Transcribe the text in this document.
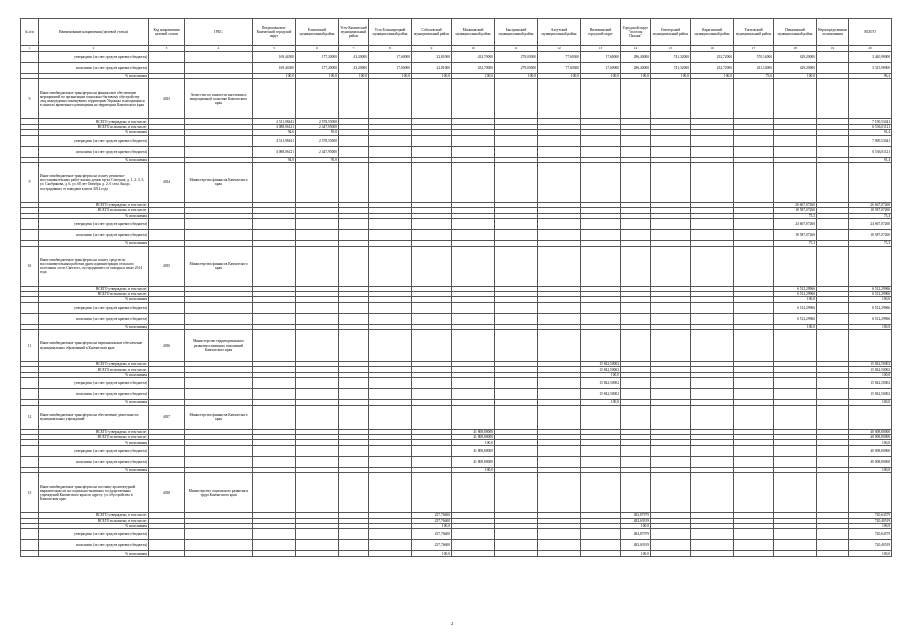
№ п/п	Наименование направления (целевой статьи)	Код направления целевой статьи	ГРБС	Петропавловск-Камчатский городской округ	Елизовский муниципальный район	Усть-Камчатский муниципальный район	Усть-Большерецкий муниципальный район	Соболевский муниципальный район	Мильковский муниципальный район	Быстринский муниципальный район	Алеутский муниципальный район	Вилючинский городской округ	Городской округ "поселок Палана"	Олюторский муниципальный район	Карагинский муниципальный район	Тигильский муниципальный район	Пенжинский муниципальный район	Нераспределенные ассигнования	ВСЕГО
1	2	3	4	5	6	7	8	9	10	11	12	13	14	15	16	17	18	19	20
	утверждено (за счет средств краевого бюджета)			169,44300	177,20000	43,20000	17,60000	22,81000	432,70000	279,03000	77,60300	17,60000	286,40000	741,32000	232,72000	570,14000	429,20000		3 440,98000
	исполнено (за счет средств краевого бюджета)			169,44300	177,20000	43,20000	17,60000	22,81000	432,70000	279,03000	77,60300	17,60000	286,40000	741,32000	232,72000	431,14000	429,20000		3 315,98000
	% исполнения			100,0	100,0	100,0	100,0	100,0	100,0	100,0	100,0	100,0	100,0	100,0	100,0	75,6	100,0		96,4
9	Иные межбюджетные трансферты на финансовое обеспечение мероприятий по организации социально-бытовому обустройству лиц, вынужденно покинувших территорию Украины и находящихся в пунктах временного размещения на территории Камчатского края	4033	Агентство по занятости населения и миграционной политике Камчатского края																
	ВСЕГО утверждено, в том числе:			4 511,98441	2 578,55000														7 190,53441
	ВСЕГО исполнено, в том числе:			4 088,06121	2 447,95000														6 536,01121
	% исполнения			94,6	95,0														91,4
	утверждено (за счет средств краевого бюджета)			4 511,98441	2 578,55000														7 090,53441
	исполнено (за счет средств краевого бюджета)			4 088,06121	2 447,95000														6 536,01121
	% исполнения			94,0	95,0														91,4
9	Иные межбюджетные трансферты на оплату ремонтно-восстановительных работ жилых домов пр-кт Степуков, д. 1, 2, 3, 5, ул. Скобрикова, д. 6, ул. 60 лет Октября, д. 2, 6 села Анадо, пострадавших от паводков в июле 2014 года	4034	Министерство финансов Камчатского края																
	ВСЕГО утверждено, в том числе:																26 667,07260		26 667,07260
	ВСЕГО исполнено, в том числе:																18 587,07260		18 587,07260
	% исполнения																75,3		75,3
	утверждено (за счет средств краевого бюджета)																24 667,07260		24 667,07260
	исполнено (за счет средств краевого бюджета)																18 587,07260		18 587,07260
	% исполнения																75,3		75,3
10	Иные межбюджетные трансферты на оплату средств по восстановительным работам драги администрации сельского поселения «село Светлое», пострадавшего от паводка в июле 2014 года	4035	Министерство финансов Камчатского края																
	ВСЕГО утверждено, в том числе:																6 512,29966		6 512,29966
	ВСЕГО исполнено, в том числе:																6 512,29966		6 512,29966
	% исполнения																100,0		100,0
	утверждено (за счет средств краевого бюджета)																6 512,29966		6 512,29966
	исполнено (за счет средств краевого бюджета)																6 512,29966		6 512,29966
	% исполнения																100,0		100,0
11	Иные межбюджетные трансферты на первоначальное обеспечение муниципальных образований в Камчатском крае	4036	Министерство территориального развития и внешних отношений Камчатского края																
	ВСЕГО утверждено, в том числе:											15 842,50002							15 842,50002
	ВСЕГО исполнено, в том числе:											15 842,50002							15 842,50002
	% исполнения											100,0							100,0
	утверждено (за счет средств краевого бюджета)											15 842,50002							15 842,50002
	исполнено (за счет средств краевого бюджета)											15 842,50002							15 842,50002
	% исполнения											100,0							100,0
12	Иные межбюджетные трансферты на обеспечение деятельности муниципальных учреждений	4037	Министерство финансов Камчатского края																
	ВСЕГО утверждено, в том числе:								41 808,80000										40 008,80000
	ВСЕГО исполнено, в том числе:								41 808,80000										40 008,80000
	% исполнения								100,0										100,0
	утверждено (за счет средств краевого бюджета)								41 808,80000										40 008,80000
	исполнено (за счет средств краевого бюджета)								41 808,80000										40 008,80000
	% исполнения								100,0										100,0
13	Иные межбюджетные трансферты на поставку архитектурной выразительности на социально-значимых государственных учреждений Камчатского края по адресу: ул. обустройство в Камчатском крае	4038	Министерство социального развития и труда Камчатского края																
	ВСЕГО утверждено, в том числе:							237,76600					482,87979						720,64579
	ВСЕГО исполнено, в том числе:							237,76600					482,63919						720,40519
	% исполнения							100,0					100,0						100,0
	утверждено (за счет средств краевого бюджета)							237,76600					482,87979						720,64579
	исполнено (за счет средств краевого бюджета)							237,76600					482,63919						720,40519
	% исполнения							100,0					100,0						100,0
2
